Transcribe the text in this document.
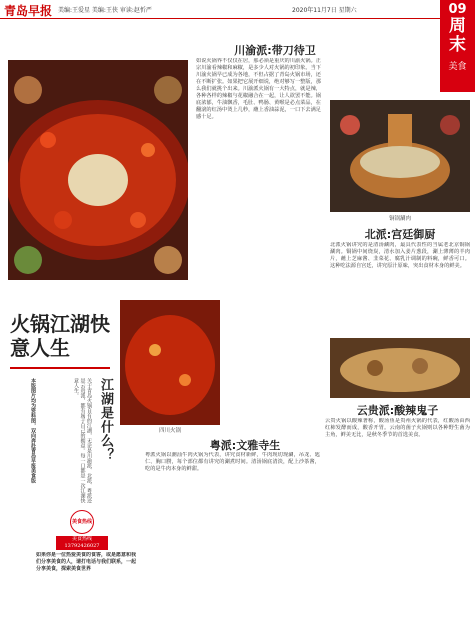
青岛早报 美编:王爱星 美编:王侠 审读:赵忻严	2020年11月7日 星期六	09
周
末
美食
川渝派:带刀待卫
如说火锅界不仅仅在居，那必须是重庆的川渝火锅。正宗川渝看辣椒和麻椒，是多少人对火锅的初印象。当下川渝火锅早已成为各地，不但占据了青岛火锅市场，还在不断扩张。如果把它展开细说，绝对够写一整版，那么我们就挑个出来。川渝派火锅有一大特点，就是辣，各种各样的辣椒与花椒融合在一起，让人欲罢不能。锅底浓郁，牛油飘香，毛肚、鸭肠、黄喉是必点菜品，在翻滚的红汤中烫上几秒，蘸上香油蒜泥，一口下去满足感十足。
铜锅涮肉
北派:宫廷御厨
北派火锅讲究的是清汤涮肉，最具代表性的当属老北京铜锅涮肉。铜锅中间烧炭，清水加入姜片葱段，涮上薄薄的羊肉片，蘸上芝麻酱、韭菜花、腐乳汁调制的料碗，鲜香可口。这种吃法源自宫廷，讲究原汁原味，突出食材本身的鲜美。
四川火锅
粤派:文雅寺生
粤派火锅以潮汕牛肉火锅为代表，讲究食材新鲜，牛肉现切现涮，吊龙、匙仁、胸口朥，每个部位都有讲究的涮煮时间。清汤锅底清淡，配上沙茶酱，吃的是牛肉本身的鲜甜。
云贵派:酸辣鬼子
云贵火锅以酸辣著称，酸汤鱼是贵州火锅的代表，红酸汤由西红柿发酵而成，酸香开胃。云南的菌子火锅则以各种野生菌为主角，鲜美无比，是秋冬季节的首选美食。
火锅江湖快意人生
江湖是什么？
关于青岛火锅自有的江湖，无论是川渝派、北派、粤派还是云贵派，都有属于自己的拥趸。每一口都是一次江湖快意人生。
本版图片均为资料图，双向奔赴青岛早报美食版
美食热线
美食热线 13792426027
如果你是一位热爱美食的食客，或是愿意和我们分享美食的人，请打电话与我们联系，一起分享美食，探索美食世界
